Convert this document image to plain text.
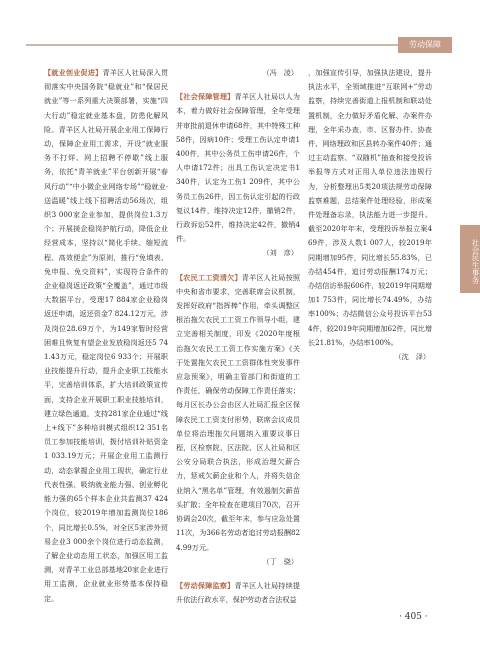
劳动保障
社会民生事务

【就业创业促进】青羊区人社局深入贯彻落实中央国务院“稳就业”和“保居民就业”等一系列重大决策部署，实施“四大行动”稳定就业基本盘，防患化解风险。青羊区人社局开展企业用工保障行动，保障企业用工需求，开设“就业服务不打烊、网上招聘不停歇”线上服务，依托“青羊就业”平台创新开展“春风行动”“中小微企业网络专场”“稳就业·送温暖”线上线下招聘活动56场次，组织3 000家企业参加，提供岗位1.3万个；开展援企稳岗护航行动，降低企业经营成本，坚持以“简化手续、缩短流程、高效便企”为原则，推行“免填表、免申报、免交资料”，实现符合条件的企业稳岗返还政策“全覆盖”，通过市级大数据平台，受理17 884家企业稳岗返还申请，返还资金7 824.12万元，涉及岗位28.69万个，为149家暂时经营困难且恢复有望企业发放稳岗返还5 741.43万元，稳定岗位6 933个；开展职业技能提升行动，提升企业职工技能水平，完善培训体系，扩大培训政策宣传面，支持企业开展职工职业技能培训，建立绿色通道，支持281家企业通过“线上+线下”多种培训模式组织12 351名员工参加技能培训，拨付培训补贴资金1 033.19万元；开展企业用工监测行动，动态掌握企业用工现状，确定行业代表性强、吸纳就业能力强、创业孵化能力强的65个样本企业共监测37 424个岗位，较2019年增加监测岗位186个，同比增长0.5%，对全区5家涉外贸易企业3 000余个岗位进行动态监测，了解企业动态用工状态，加强区用工监测，对青羊工业总部基地20家企业进行用工监测，企业就业形势基本保持稳定。

（冯　凌）

【社会保障管理】青羊区人社局以人为本，着力做好社会保障管理，全年受理并审批前退休申请68件，其中特殊工种58件，因病10件；受理工伤认定申请1 400件，其中公务员工伤申请26件，个人申请172件；出具工伤认定决定书1 340件，认定为工伤1 209件，其中公务员工伤26件，因工伤认定引起的行政复议14件，维持决定12件，撤销2件，行政诉讼52件，维持决定42件，撤销4件。

（刘　彦）

【农民工工资清欠】青羊区人社局按照中央和省市要求，完善联席会议机制，发挥好政府“指挥棒”作用，牵头调整区根治拖欠农民工工资工作领导小组，建立完善相关制度，印发《2020年度根治拖欠农民工工资工作实施方案》《关于处置拖欠农民工工资群体性突发事件应急预案》，明确主管部门和街道的工作责任，确保劳动保障工作责任落实；每月区长办公会由区人社局汇报全区保障农民工工资支付形势，联席会议成员单位将治理拖欠问题纳入重要议事日程，区检察院、区法院、区人社局和区公安分局联合执法，形成治理欠薪合力，惩戒欠薪企业和个人，并将失信企业纳入“黑名单”管理，有效遏制欠薪苗头扩散；全年检查在建项目70次，召开协调会20次，截至年末，参与应急处置11次，为366名劳动者追讨劳动报酬824.99万元。

（丁　骁）

【劳动保障监察】青羊区人社局持续提升依法行政水平，保护劳动者合法权益

，加强宣传引导，加强执法建设，提升执法水平，全领域推进“互联网+”劳动监察，持续完善街道上报机制和联动处置机制，全力做好矛盾化解、办案件办理，全年采办查、市、区督办件、协查件、网络理政和区县转办案件40件；通过主动监察、“双随机”抽查和接受投诉举报等方式对正用人单位违法违规行为，分析整理出5类20项法规劳动保障监察难题，总结案件处理经验，形成案件处理备忘录，执法能力进一步提升。截至2020年年末，受理投诉举报立案469件，涉及人数1 007人，较2019年同期增加95件，同比增长55.83%，已办结454件，追讨劳动报酬174万元；办结信访举报606件，较2019年同期增加1 753件，同比增长74.49%，办结率100%；办结微信公众号投诉平台534件，较2019年同期增加62件，同比增长21.81%，办结率100%。

（沈　泽）

· 405 ·
